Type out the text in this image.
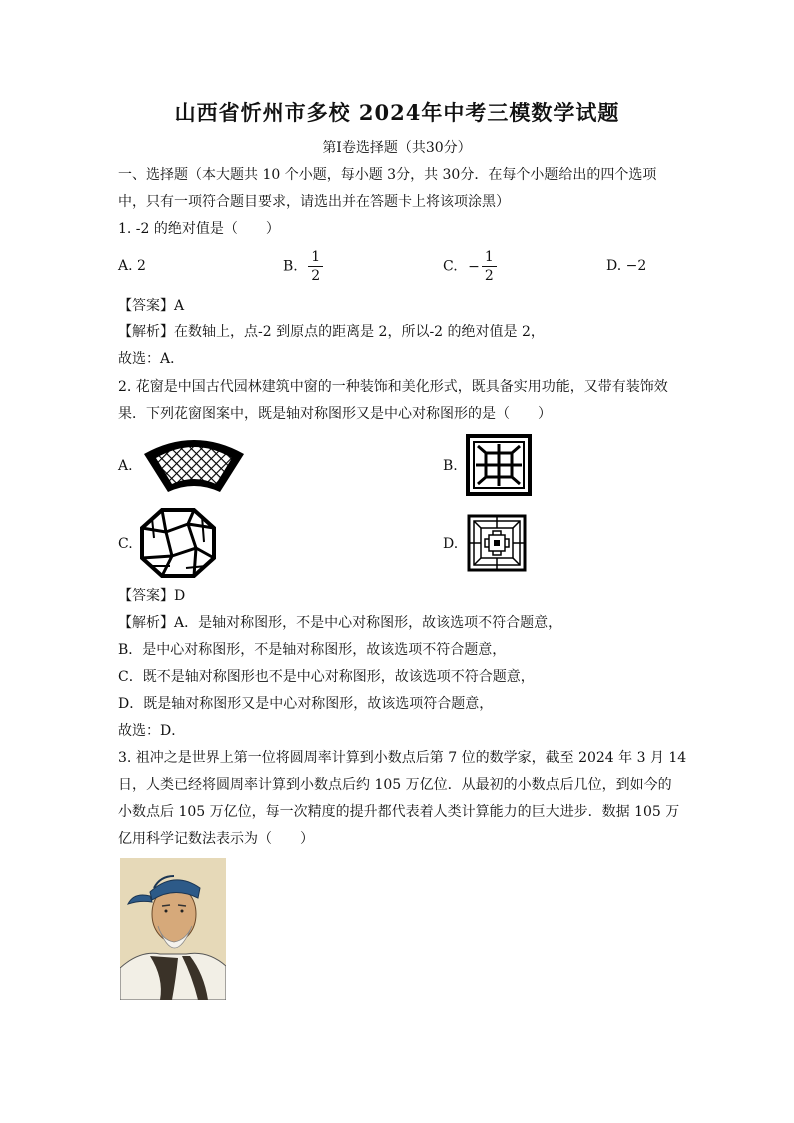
山西省忻州市多校 2024年中考三模数学试题
第Ⅰ卷选择题（共30分）
一、选择题（本大题共 10 个小题，每小题 3分，共 30分．在每个小题给出的四个选项
中，只有一项符合题目要求，请选出并在答题卡上将该项涂黑）
1. -2 的绝对值是（　　）
A. 2	B. $\frac{1}{2}$	C. − $\frac{1}{2}$	D. −2
【答案】A
【解析】在数轴上，点-2 到原点的距离是 2，所以-2 的绝对值是 2，
故选：A．
2. 花窗是中国古代园林建筑中窗的一种装饰和美化形式，既具备实用功能，又带有装饰效
果．下列花窗图案中，既是轴对称图形又是中心对称图形的是（　　）
A.	B.
C.	D.
【答案】D
【解析】A．是轴对称图形，不是中心对称图形，故该选项不符合题意，
B．是中心对称图形，不是轴对称图形，故该选项不符合题意，
C．既不是轴对称图形也不是中心对称图形，故该选项不符合题意，
D．既是轴对称图形又是中心对称图形，故该选项符合题意，
故选：D．
3. 祖冲之是世界上第一位将圆周率计算到小数点后第 7 位的数学家，截至 2024 年 3 月 14
日，人类已经将圆周率计算到小数点后约 105 万亿位．从最初的小数点后几位，到如今的
小数点后 105 万亿位，每一次精度的提升都代表着人类计算能力的巨大进步．数据 105 万
亿用科学记数法表示为（　　）
